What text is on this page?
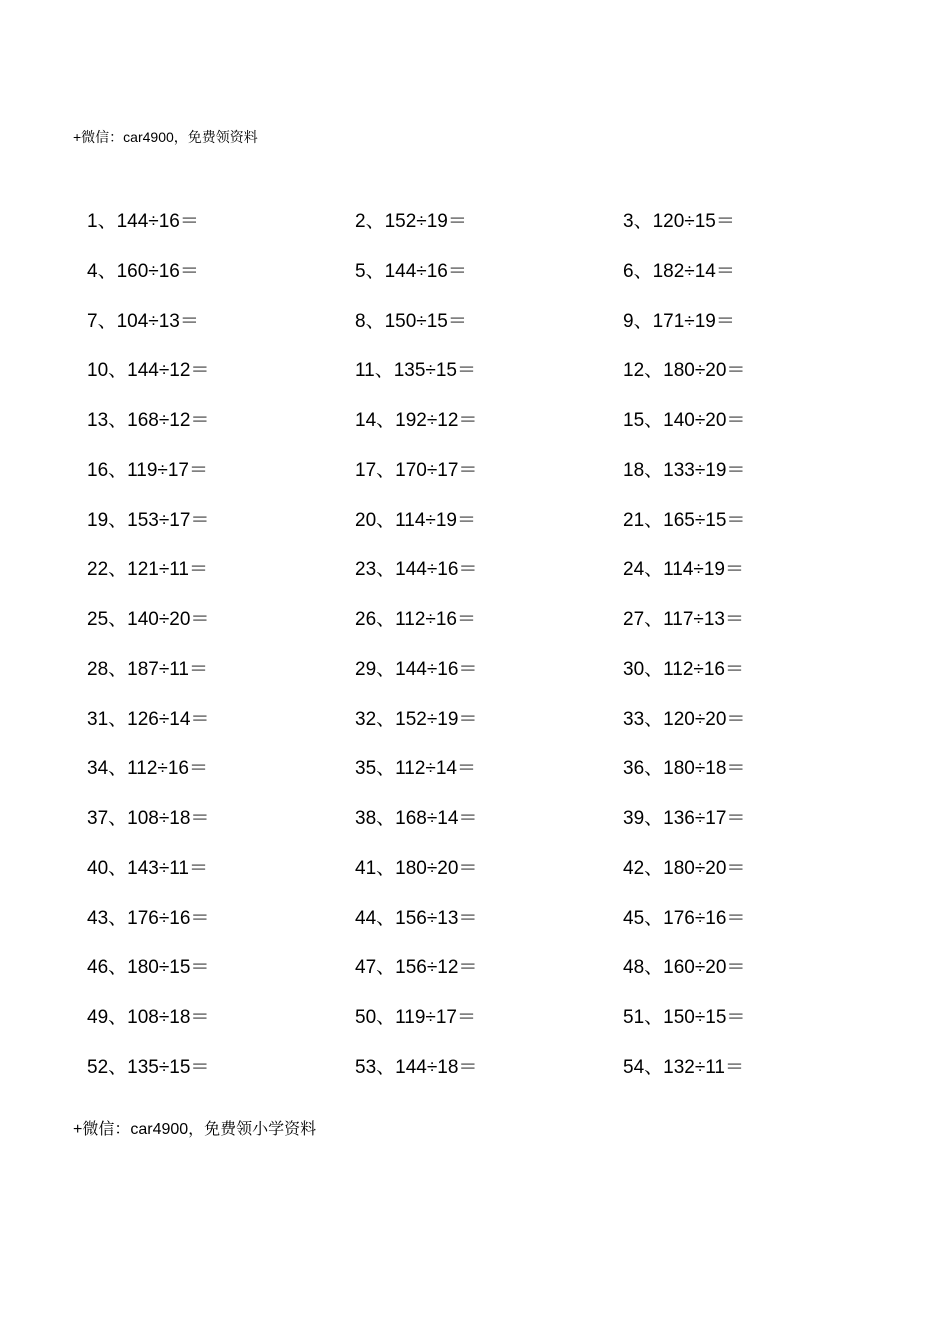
+微信：car4900，免费领资料
1、144÷16＝	2、152÷19＝	3、120÷15＝
4、160÷16＝	5、144÷16＝	6、182÷14＝
7、104÷13＝	8、150÷15＝	9、171÷19＝
10、144÷12＝	11、135÷15＝	12、180÷20＝
13、168÷12＝	14、192÷12＝	15、140÷20＝
16、119÷17＝	17、170÷17＝	18、133÷19＝
19、153÷17＝	20、114÷19＝	21、165÷15＝
22、121÷11＝	23、144÷16＝	24、114÷19＝
25、140÷20＝	26、112÷16＝	27、117÷13＝
28、187÷11＝	29、144÷16＝	30、112÷16＝
31、126÷14＝	32、152÷19＝	33、120÷20＝
34、112÷16＝	35、112÷14＝	36、180÷18＝
37、108÷18＝	38、168÷14＝	39、136÷17＝
40、143÷11＝	41、180÷20＝	42、180÷20＝
43、176÷16＝	44、156÷13＝	45、176÷16＝
46、180÷15＝	47、156÷12＝	48、160÷20＝
49、108÷18＝	50、119÷17＝	51、150÷15＝
52、135÷15＝	53、144÷18＝	54、132÷11＝
+微信：car4900，免费领小学资料
